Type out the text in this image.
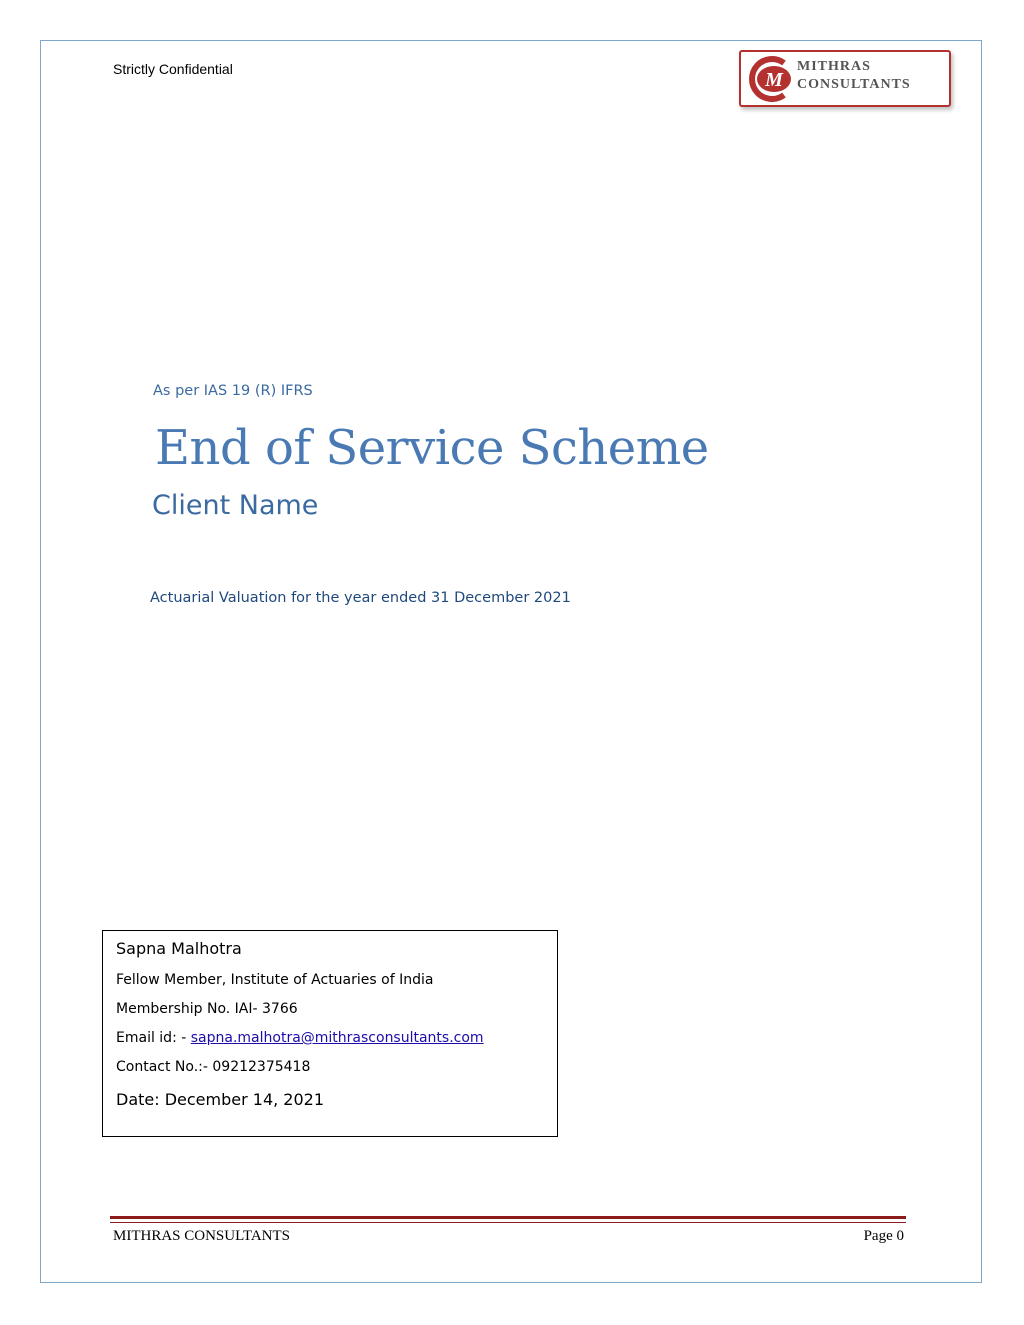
Strictly Confidential	M
MITHRAS
CONSULTANTS
As per IAS 19 (R) IFRS
End of Service Scheme
Client Name
Actuarial Valuation for the year ended 31 December 2021
Sapna Malhotra
Fellow Member, Institute of Actuaries of India
Membership No. IAI- 3766
Email id: - sapna.malhotra@mithrasconsultants.com
Contact No.:- 09212375418
Date: December 14, 2021
MITHRAS CONSULTANTS	Page 0
